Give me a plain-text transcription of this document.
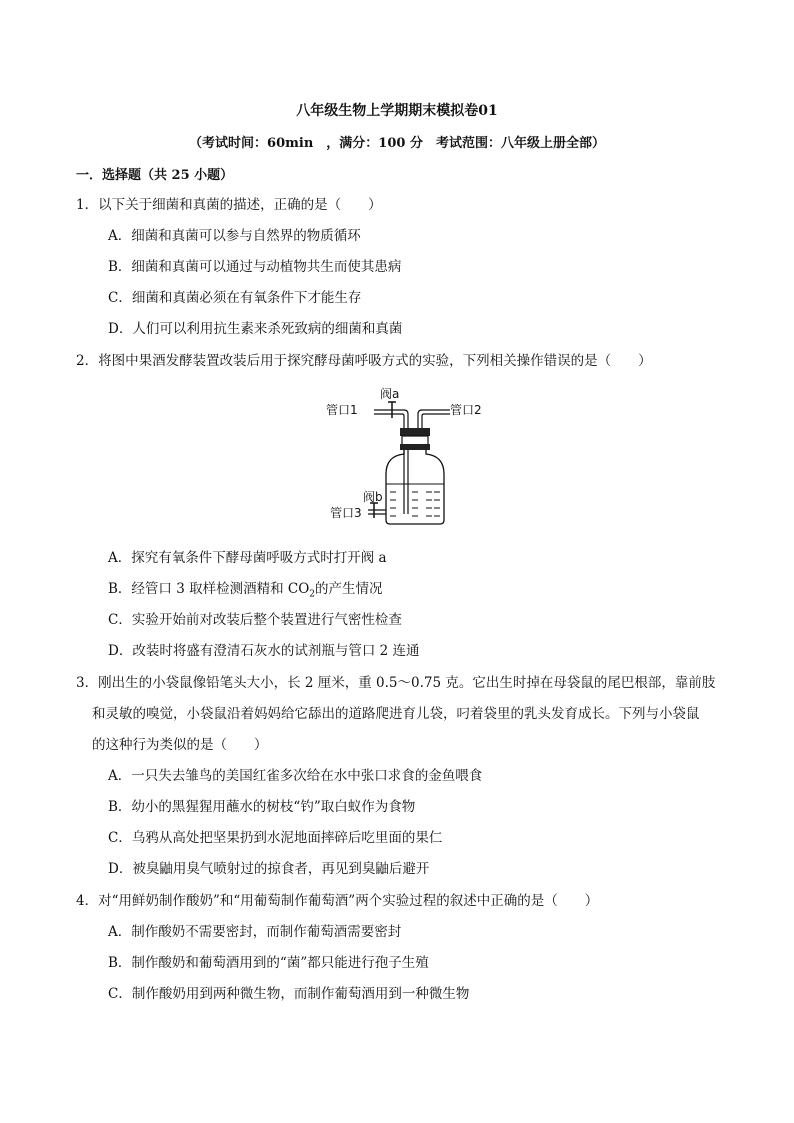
八年级生物上学期期末模拟卷01
（考试时间：60min　，满分：100 分　考试范围：八年级上册全部）
一．选择题（共 25 小题）
1．以下关于细菌和真菌的描述，正确的是（　　）
A．细菌和真菌可以参与自然界的物质循环
B．细菌和真菌可以通过与动植物共生而使其患病
C．细菌和真菌必须在有氧条件下才能生存
D．人们可以利用抗生素来杀死致病的细菌和真菌
2．将图中果酒发酵装置改装后用于探究酵母菌呼吸方式的实验，下列相关操作错误的是（　　）
阀a
管口1	管口2
阀b
管口3
A．探究有氧条件下酵母菌呼吸方式时打开阀 a
B．经管口 3 取样检测酒精和 $CO_2$的产生情况
C．实验开始前对改装后整个装置进行气密性检查
D．改装时将盛有澄清石灰水的试剂瓶与管口 2 连通
3．刚出生的小袋鼠像铅笔头大小，长 2 厘米，重 0.5～0.75 克。它出生时掉在母袋鼠的尾巴根部，靠前肢
和灵敏的嗅觉，小袋鼠沿着妈妈给它舔出的道路爬进育儿袋，叼着袋里的乳头发育成长。下列与小袋鼠
的这种行为类似的是（　　）
A．一只失去雏鸟的美国红雀多次给在水中张口求食的金鱼喂食
B．幼小的黑猩猩用蘸水的树枝“钓”取白蚁作为食物
C．乌鸦从高处把坚果扔到水泥地面摔碎后吃里面的果仁
D．被臭鼬用臭气喷射过的掠食者，再见到臭鼬后避开
4．对“用鲜奶制作酸奶”和“用葡萄制作葡萄酒”两个实验过程的叙述中正确的是（　　）
A．制作酸奶不需要密封，而制作葡萄酒需要密封
B．制作酸奶和葡萄酒用到的“菌”都只能进行孢子生殖
C．制作酸奶用到两种微生物，而制作葡萄酒用到一种微生物
